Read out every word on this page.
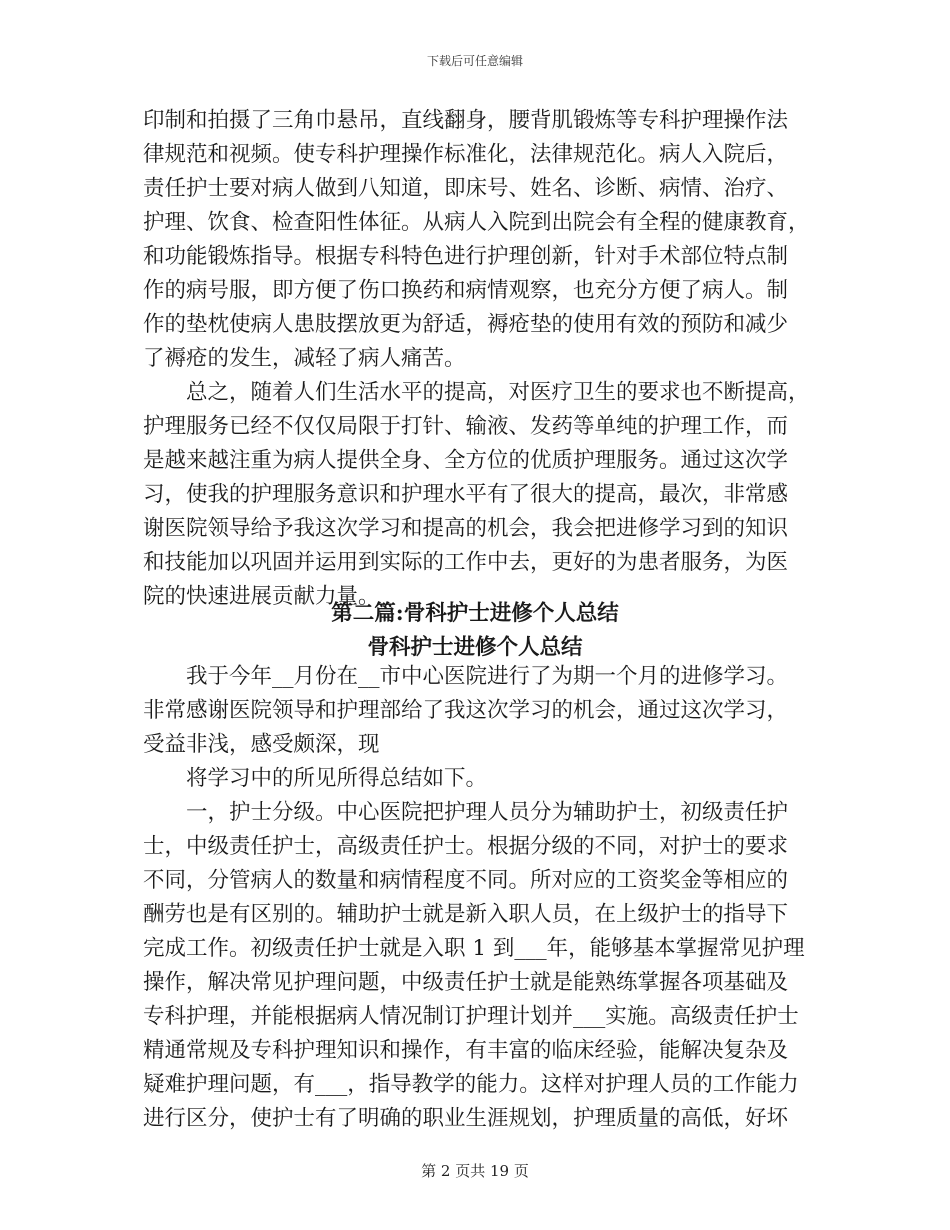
下载后可任意编辑
印制和拍摄了三角巾悬吊，直线翻身，腰背肌锻炼等专科护理操作法
律规范和视频。使专科护理操作标准化，法律规范化。病人入院后，
责任护士要对病人做到八知道，即床号、姓名、诊断、病情、治疗、
护理、饮食、检查阳性体征。从病人入院到出院会有全程的健康教育，
和功能锻炼指导。根据专科特色进行护理创新，针对手术部位特点制
作的病号服，即方便了伤口换药和病情观察，也充分方便了病人。制
作的垫枕使病人患肢摆放更为舒适，褥疮垫的使用有效的预防和减少
了褥疮的发生，减轻了病人痛苦。
　　总之，随着人们生活水平的提高，对医疗卫生的要求也不断提高，
护理服务已经不仅仅局限于打针、输液、发药等单纯的护理工作，而
是越来越注重为病人提供全身、全方位的优质护理服务。通过这次学
习，使我的护理服务意识和护理水平有了很大的提高，最次，非常感
谢医院领导给予我这次学习和提高的机会，我会把进修学习到的知识
和技能加以巩固并运用到实际的工作中去，更好的为患者服务，为医
院的快速进展贡献力量。
第二篇:骨科护士进修个人总结
骨科护士进修个人总结
　　我于今年__月份在__市中心医院进行了为期一个月的进修学习。
非常感谢医院领导和护理部给了我这次学习的机会，通过这次学习，
受益非浅，感受颇深，现
　　将学习中的所见所得总结如下。
　　一，护士分级。中心医院把护理人员分为辅助护士，初级责任护
士，中级责任护士，高级责任护士。根据分级的不同，对护士的要求
不同，分管病人的数量和病情程度不同。所对应的工资奖金等相应的
酬劳也是有区别的。辅助护士就是新入职人员，在上级护士的指导下
完成工作。初级责任护士就是入职 1 到___年，能够基本掌握常见护理
操作，解决常见护理问题，中级责任护士就是能熟练掌握各项基础及
专科护理，并能根据病人情况制订护理计划并___实施。高级责任护士
精通常规及专科护理知识和操作，有丰富的临床经验，能解决复杂及
疑难护理问题，有___，指导教学的能力。这样对护理人员的工作能力
进行区分，使护士有了明确的职业生涯规划，护理质量的高低，好坏
第 2 页共 19 页
